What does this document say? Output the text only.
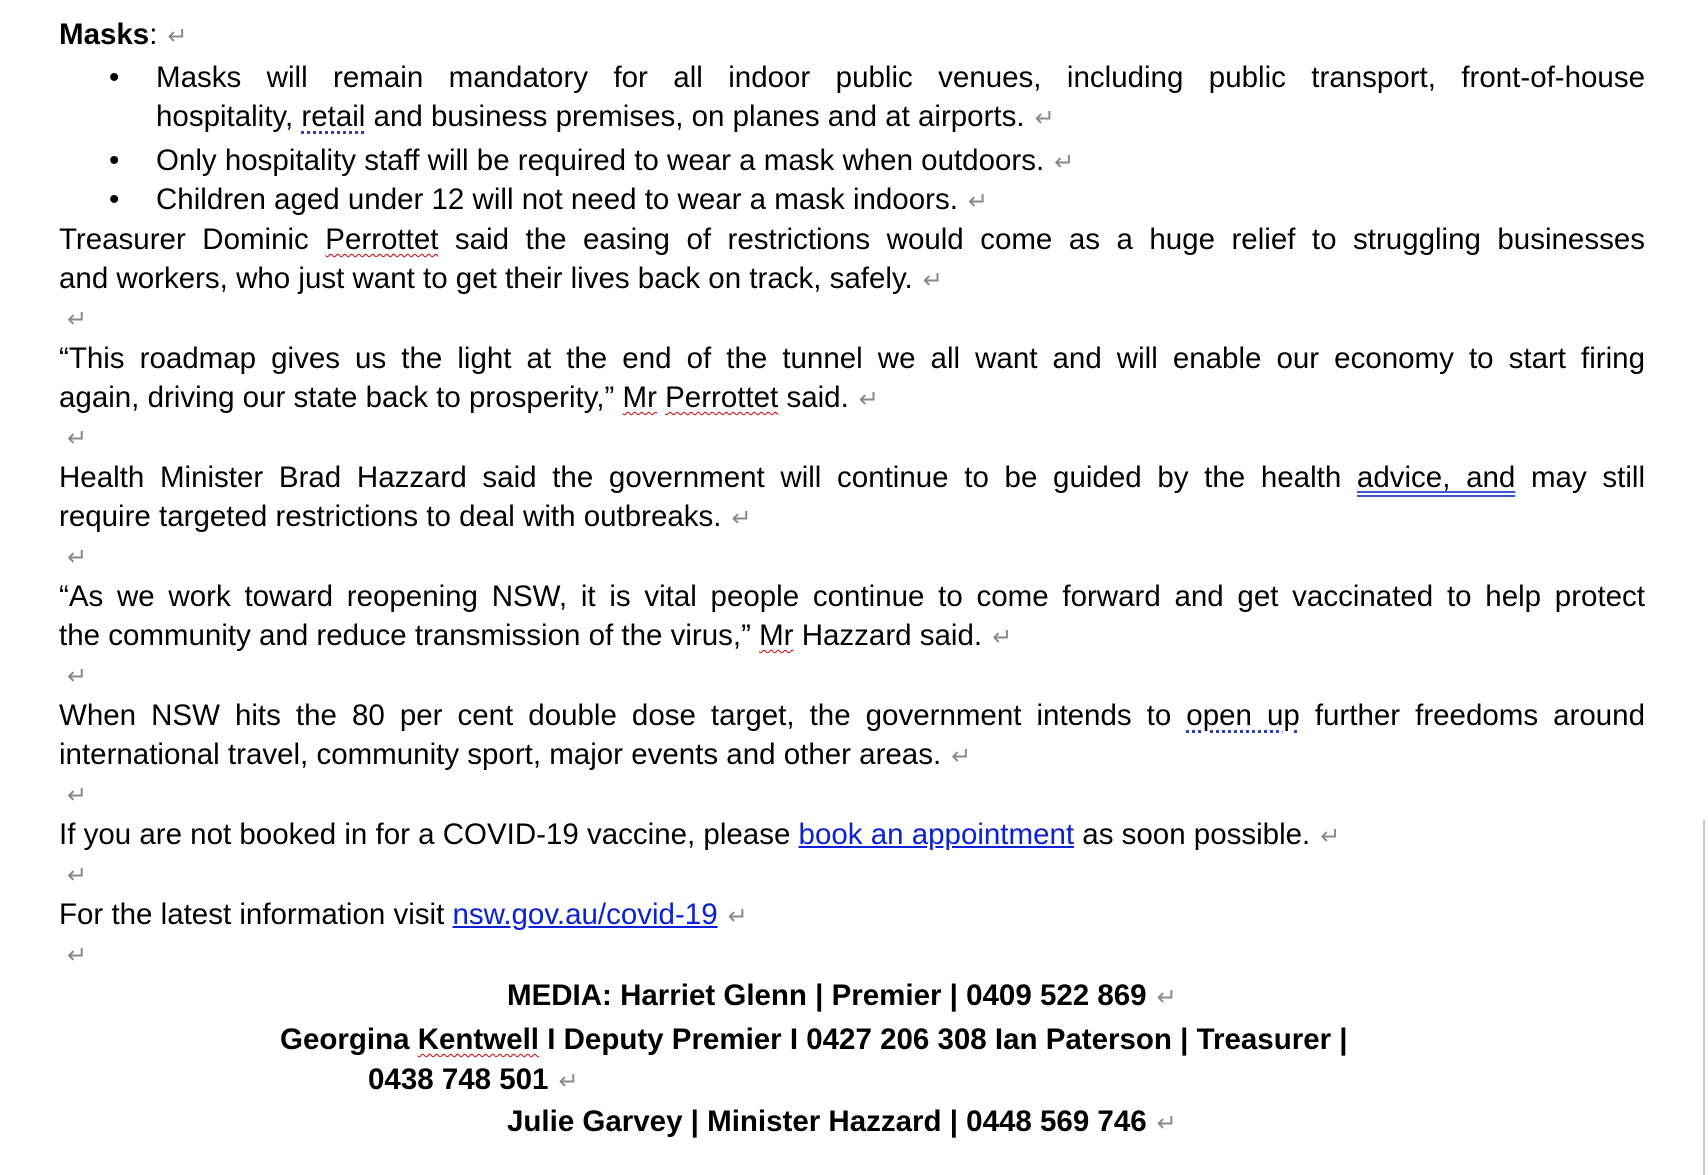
Masks: ↵
• Masks will remain mandatory for all indoor public venues, including public transport, front-of-house
hospitality, retail and business premises, on planes and at airports. ↵
• Only hospitality staff will be required to wear a mask when outdoors. ↵
• Children aged under 12 will not need to wear a mask indoors. ↵
Treasurer Dominic Perrottet said the easing of restrictions would come as a huge relief to struggling businesses
and workers, who just want to get their lives back on track, safely. ↵
↵
“This roadmap gives us the light at the end of the tunnel we all want and will enable our economy to start firing
again, driving our state back to prosperity,” Mr Perrottet said. ↵
↵
Health Minister Brad Hazzard said the government will continue to be guided by the health advice, and may still
require targeted restrictions to deal with outbreaks. ↵
↵
“As we work toward reopening NSW, it is vital people continue to come forward and get vaccinated to help protect
the community and reduce transmission of the virus,” Mr Hazzard said. ↵
↵
When NSW hits the 80 per cent double dose target, the government intends to open up further freedoms around
international travel, community sport, major events and other areas. ↵
↵
If you are not booked in for a COVID-19 vaccine, please book an appointment as soon possible. ↵
↵
For the latest information visit nsw.gov.au/covid-19 ↵
↵
MEDIA: Harriet Glenn | Premier | 0409 522 869 ↵
Georgina Kentwell I Deputy Premier I 0427 206 308 Ian Paterson | Treasurer |
0438 748 501 ↵
Julie Garvey | Minister Hazzard | 0448 569 746 ↵
